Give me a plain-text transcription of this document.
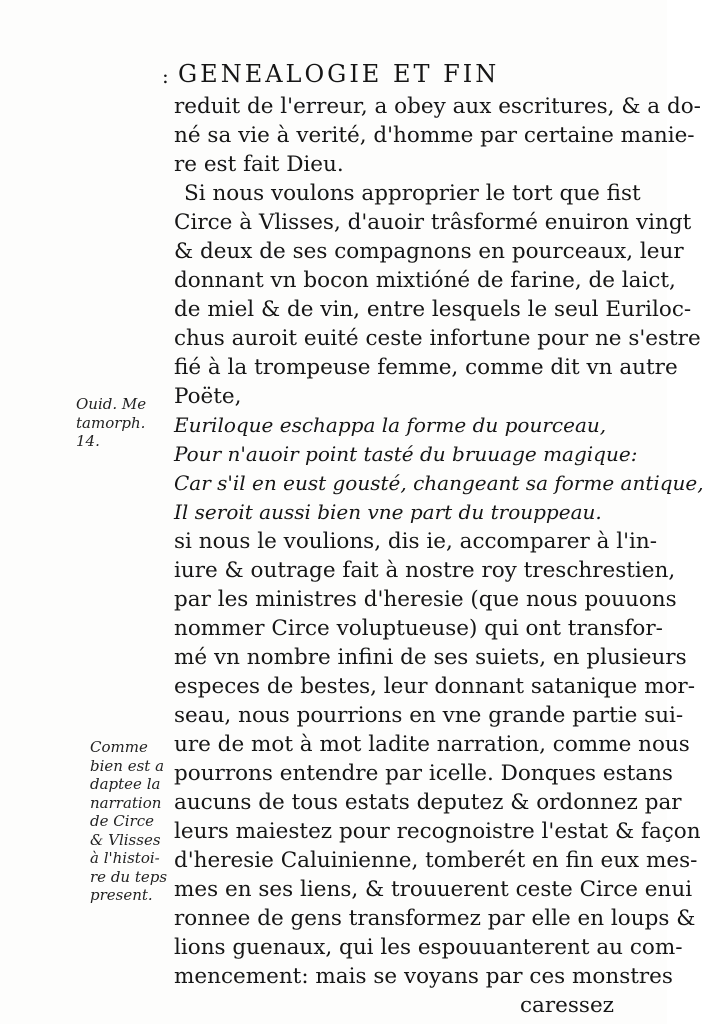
: GENEALOGIE ET FIN
reduit de l'erreur, a obey aux escritures, & a do-
né sa vie à verité, d'homme par certaine manie-
re est fait Dieu.
Si nous voulons approprier le tort que fist
Circe à Vlisses, d'auoir trâsformé enuiron vingt
& deux de ses compagnons en pourceaux, leur
donnant vn bocon mixtióné de farine, de laict,
de miel & de vin, entre lesquels le seul Euriloc-
chus auroit euité ceste infortune pour ne s'estre
fié à la trompeuse femme, comme dit vn autre
Poëte,
Euriloque eschappa la forme du pourceau,
Pour n'auoir point tasté du bruuage magique:
Car s'il en eust gousté, changeant sa forme antique,
Il seroit aussi bien vne part du trouppeau.
si nous le voulions, dis ie, accomparer à l'in-
iure & outrage fait à nostre roy treschrestien,
par les ministres d'heresie (que nous pouuons
nommer Circe voluptueuse) qui ont transfor-
mé vn nombre infini de ses suiets, en plusieurs
especes de bestes, leur donnant satanique mor-
seau, nous pourrions en vne grande partie sui-
ure de mot à mot ladite narration, comme nous
pourrons entendre par icelle. Donques estans
aucuns de tous estats deputez & ordonnez par
leurs maiestez pour recognoistre l'estat & façon
d'heresie Caluinienne, tomberét en fin eux mes-
mes en ses liens, & trouuerent ceste Circe enui
ronnee de gens transformez par elle en loups &
lions guenaux, qui les espouuanterent au com-
mencement: mais se voyans par ces monstres
caressez
Ouid. Me
tamorph.
14.
Comme
bien est a
daptee la
narration
de Circe
& Vlisses
à l'histoi-
re du teps
present.
